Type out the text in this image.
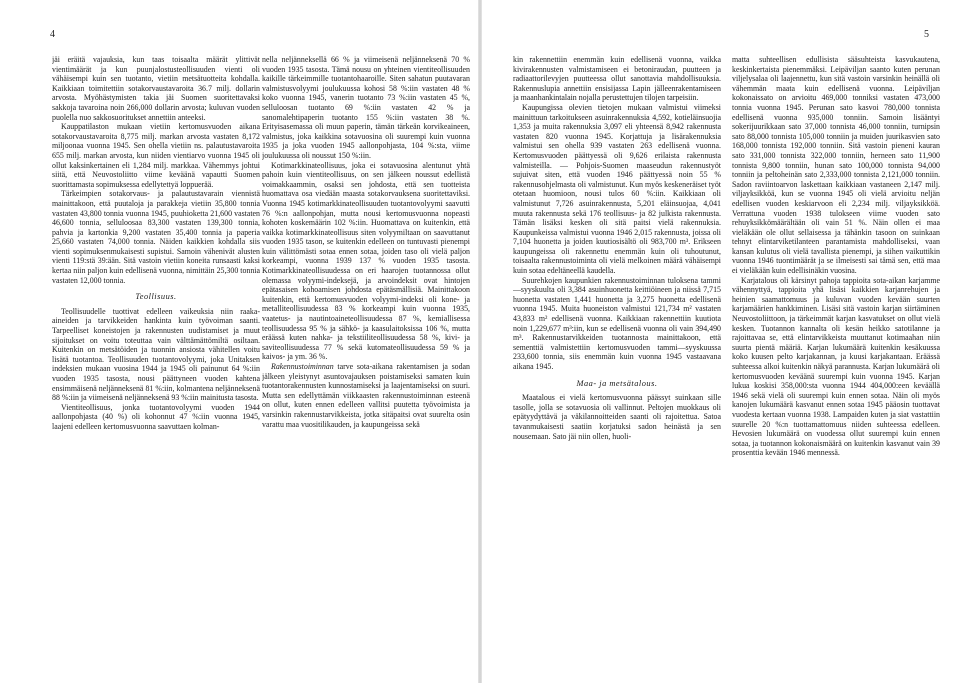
4

jäi eräitä vajauksia, kun taas toisaalta määrät ylittivät vientimäärät ja kun puunjalostusteollisuuden vienti oli vähäisempi kuin sen tuotanto, vietiin metsätuotteita kohdalla. Kaikkiaan toimitettiin sotakorvaustavaroita 36.7 milj. dollarin arvosta. Myöhästymisten takia jäi Suomen suoritettavaksi sakkoja tavaroina noin 266,000 dollarin arvosta; kuluvan vuoden puolella nuo sakkosuoritukset annettiin anteeksi.

Kauppatilaston mukaan vietiin kertomusvuoden aikana sotakorvaustavaroita 8,775 milj. markan arvosta vastaten 8,172 miljoonaa vuonna 1945. Sen ohella vietiin ns. palautustavaroita 655 milj. markan arvosta, kun niiden vientiarvo vuonna 1945 oli ollut kaksinkertainen eli 1,284 milj. markkaa. Vähemmys johtui siitä, että Neuvostoliitto viime keväänä vapautti Suomen suorittamasta sopimuksessa edellytettyä loppuerää.

Tärkeimpien sotakorvaus- ja palautustavarain viennistä mainittakoon, että puutaloja ja parakkeja vietiin 35,800 tonnia vastaten 43,800 tonnia vuonna 1945, puuhioketta 21,600 vastaten 46,600 tonnia, selluloosaa 83,300 vastaten 139,300 tonnia, pahvia ja kartonkia 9,200 vastaten 35,400 tonnia ja paperia 25,660 vastaten 74,000 tonnia. Näiden kaikkien kohdalla siis vienti sopimuksenmukaisesti supistui. Samoin vähenivät alusten vienti 119:stä 39:ään. Sitä vastoin vietiin koneita runsaasti kaksi kertaa niin paljon kuin edellisenä vuonna, nimittäin 25,300 tonnia vastaten 12,000 tonnia.

Teollisuus.

Teollisuudelle tuottivat edelleen vaikeuksia niin raaka-aineiden ja tarvikkeiden hankinta kuin työvoiman saanti. Tarpeelliset koneistojen ja rakennusten uudistamiset ja muut sijoitukset on voitu toteuttaa vain välttämättömiltä osiltaan. Kuitenkin on metsätöiden ja tuonnin ansiosta vähitellen voitu lisätä tuotantoa. Teollisuuden tuotantovolyymi, joka Unitaksen indeksien mukaan vuosina 1944 ja 1945 oli painunut 64 %:iin vuoden 1935 tasosta, nousi päättyneen vuoden kahtena ensimmäisenä neljänneksenä 81 %:iin, kolmantena neljänneksenä 88 %:iin ja viimeisenä neljänneksenä 93 %:iin mainitusta tasosta.

Vientiteollisuus, jonka tuotantovolyymi vuoden 1944 aallonpohjasta (40 %) oli kohonnut 47 %:iin vuonna 1945, laajeni edelleen kertomusvuonna saavuttaen kolman-

nella neljänneksellä 66 % ja viimeisenä neljänneksenä 70 % vuoden 1935 tasosta. Tämä nousu on yhteinen vientiteollisuuden kaikille tärkeimmille tuotantohaaroille. Siten sahatun puutavaran valmistusvolyymi joulukuussa kohosi 58 %:iin vastaten 48 % koko vuonna 1945, vanerin tuotanto 73 %:iin vastaten 45 %, selluloosan tuotanto 69 %:iin vastaten 42 % ja sanomalehtipaperin tuotanto 155 %:iin vastaten 38 %. Erityisasemassa oli muun paperin, tämän tärkeän korvikeaineen, valmistus, joka kaikkina sotavuosina oli suurempi kuin vuonna 1935 ja joka vuoden 1945 aallonpohjasta, 104 %:sta, viime joulukuussa oli noussut 150 %:iin.

Kotimarkkinateollisuus, joka ei sotavuosina alentunut yhtä pahoin kuin vientiteollisuus, on sen jälkeen noussut edellistä voimakkaammin, osaksi sen johdosta, että sen tuotteista huomattava osa viedään maasta sotakorvauksena suoritettaviksi. Vuonna 1945 kotimarkkinateollisuuden tuotantovolyymi saavutti 76 %:n aallonpohjan, mutta nousi kertomusvuonna nopeasti kohoten koskemäärin 102 %:iin. Huomattava on kuitenkin, että vaikka kotimarkkinateollisuus siten volyymiltaan on saavuttanut vuoden 1935 tason, se kuitenkin edelleen on tuntuvasti pienempi kuin välittömästi sotaa ennen sotaa, joiden taso oli vielä paljon korkeampi, vuonna 1939 137 % vuoden 1935 tasosta. Kotimarkkinateollisuudessa on eri haarojen tuotannossa ollut olemassa volyymi-indeksejä, ja arvoindeksit ovat hintojen epätasaisen kohoamisen johdosta epätäsmällisiä. Mainittakoon kuitenkin, että kertomusvuoden volyymi-indeksi oli kone- ja metalliteollisuudessa 83 % korkeampi kuin vuonna 1935, vaatetus- ja nautintoaineteollisuudessa 87 %, kemiallisessa teollisuudessa 95 % ja sähkö- ja kaasulaitoksissa 106 %, mutta eräässä kuten nahka- ja tekstiiliteollisuudessa 58 %, kivi- ja saviteollisuudessa 77 % sekä kutomateollisuudessa 59 % ja kaivos- ja ym. 36 %.

Rakennustoiminnan tarve sota-aikana rakentamisen ja sodan jälkeen yleistynyt asuntovajauksen poistamiseksi samaten kuin tuotantorakennusten kunnostamiseksi ja laajentamiseksi on suuri. Mutta sen edellyttämän viikkaasten rakennustoiminnan esteenä on ollut, kuten ennen edelleen vallitsi puutetta työvoimista ja varsinkin rakennustarvikkeista, jotka sitäpaitsi ovat suurelta osin varattu maa vuositilikauden, ja kaupungeissa sekä

5

kin rakennettiin enemmän kuin edellisenä vuonna, vaikka kivirakennusten valmistamiseen ei betoniraudan, puutteen ja radiaattorilevyjen puutteessa ollut sanottavia mahdollisuuksia. Rakennuslupia annettiin ensisijassa Lapin jälleenrakentamiseen ja maanhankintalain nojalla perustettujen tilojen tarpeisiin.

Kaupungissa olevien tietojen mukaan valmistui viimeksi mainittuun tarkoitukseen asuinrakennuksia 4,592, kotieläinsuojia 1,353 ja muita rakennuksia 3,097 eli yhteensä 8,942 rakennusta vastaten 820 vuonna 1945. Korjattuja ja lisärakennuksia valmistui sen ohella 939 vastaten 263 edellisenä vuonna. Kertomusvuoden päättyessä oli 9,626 erilaista rakennusta valmisteilla. — Pohjois-Suomen maaseudun rakennustyöt sujuivat siten, että vuoden 1946 päättyessä noin 55 % rakennusohjelmasta oli valmistunut. Kun myös keskeneräiset työt otetaan huomioon, nousi tulos 60 %:iin. Kaikkiaan oli valmistunut 7,726 asuinrakennusta, 5,201 eläinsuojaa, 4,041 muuta rakennusta sekä 176 teollisuus- ja 82 julkista rakennusta. Tämän lisäksi kesken oli sitä paitsi vielä rakennuksia. Kaupunkeissa valmistui vuonna 1946 2,015 rakennusta, joissa oli 7,104 huonetta ja joiden kuutiosisältö oli 983,700 m³. Erikseen kaupungeissa oli rakennettu enemmän kuin oli tuhoutunut, toisaalta rakennustoiminta oli vielä melkoinen määrä vähäisempi kuin sotaa edeltäneellä kaudella.

Suurehkojen kaupunkien rakennustoiminnan tuloksena tammi—syyskuulta oli 3,384 asuinhuonetta keittiöineen ja niissä 7,715 huonetta vastaten 1,441 huonetta ja 3,275 huonetta edellisenä vuonna 1945. Muita huoneiston valmistui 121,734 m² vastaten 43,833 m² edellisenä vuonna. Kaikkiaan rakennettiin kuutiota noin 1,229,677 m³:iin, kun se edellisenä vuonna oli vain 394,490 m³. Rakennustarvikkeiden tuotannosta mainittakoon, että sementtiä valmistettiin kertomusvuoden tammi—syyskuussa 233,600 tonnia, siis enemmän kuin vuonna 1945 vastaavana aikana 1945.

Maa- ja metsätalous.

Maatalous ei vielä kertomusvuonna päässyt suinkaan sille tasolle, jolla se sotavuosia oli vallinnut. Peltojen muokkaus oli epätyydyttävä ja väkilannoitteiden saanti oli rajoitettua. Satoa tavanmukaisesti saatiin korjatuksi sadon heinästä ja sen nousemaan. Sato jäi niin ollen, huoli-

matta suhteellisen edullisista sääsuhteista kasvukautena, keskinkertaista pienemmäksi. Leipäviljan saanto kuten perunan viljelysalaa oli laajennettu, kun sitä vastoin varsinkin heinällä oli vähemmän maata kuin edellisenä vuonna. Leipäviljan kokonaissato on arvioitu 469,000 tonniksi vastaten 473,000 tonnia vuonna 1945. Perunan sato kasvoi 780,000 tonnista edellisenä vuonna 935,000 tonniin. Samoin lisääntyi sokerijuurikkaan sato 37,000 tonnista 46,000 tonniin, turnipsin sato 88,000 tonnista 105,000 tonniin ja muiden juurikasvien sato 168,000 tonnista 192,000 tonniin. Sitä vastoin pieneni kauran sato 331,000 tonnista 322,000 tonniin, herneen sato 11,900 tonnista 9,800 tonniin, hunan sato 100,000 tonnista 94,000 tonniin ja peltoheinän sato 2,333,000 tonnista 2,121,000 tonniin. Sadon raviintoarvon laskettaan kaikkiaan vastaneen 2,147 milj. viljayksikköä, kun se vuonna 1945 oli vielä arvioitu neljän edellisen vuoden keskiarvoon eli 2,234 milj. viljayksikköä. Verrattuna vuoden 1938 tulokseen viime vuoden sato rehuyksikkömäärältään oli vain 51 %. Näin ollen ei maa vieläkään ole ollut sellaisessa ja tähänkin tasoon on suinkaan tehnyt elintarviketilanteen parantamista mahdolliseksi, vaan kansan kulutus oli vielä tavallista pienempi, ja siihen vaikuttikin vuonna 1946 tuontimäärät ja se ilmeisesti sai tämä sen, että maa ei vieläkään kuin edellisinäkin vuosina.

Karjatalous oli kärsinyt pahoja tappioita sota-aikan karjamme vähennyttyä, tappioita yhä lisäsi kaikkien karjanrehujen ja heinien saamattomuus ja kuluvan vuoden kevään suurten karjamäärien hankkiminen. Lisäsi sitä vastoin karjan siirtäminen Neuvostoliittoon, ja tärkeimmät karjan kasvatukset on ollut vielä kesken. Tuotannon kannalta oli kesän heikko satotilanne ja rajoittavaa se, että elintarvikkeista muuttanut kotimaahan niin suurta pientä määriä. Karjan lukumäärä kuitenkin kesäkuussa koko kuusen pelto karjakannan, ja kuusi karjakantaan. Eräässä suhteessa alkoi kuitenkin näkyä parannusta. Karjan lukumäärä oli kertomusvuoden keväänä suurempi kuin vuonna 1945. Karjan lukua koskisi 358,000:sta vuonna 1944 404,000:een keväällä 1946 sekä vielä oli suurempi kuin ennen sotaa. Näin oli myös kanojen lukumäärä kasvanut ennen sotaa 1945 pääosin tuottavat vuodesta kertaan vuonna 1938. Lampaiden kuten ja siat vastattiin suurelle 20 %:n tuottamattomuus niiden suhteessa edelleen. Hevosien lukumäärä on vuodessa ollut suurempi kuin ennen sotaa, ja tuotannon kokonaismäärä on kuitenkin kasvanut vain 39 prosenttia kevään 1946 mennessä.
